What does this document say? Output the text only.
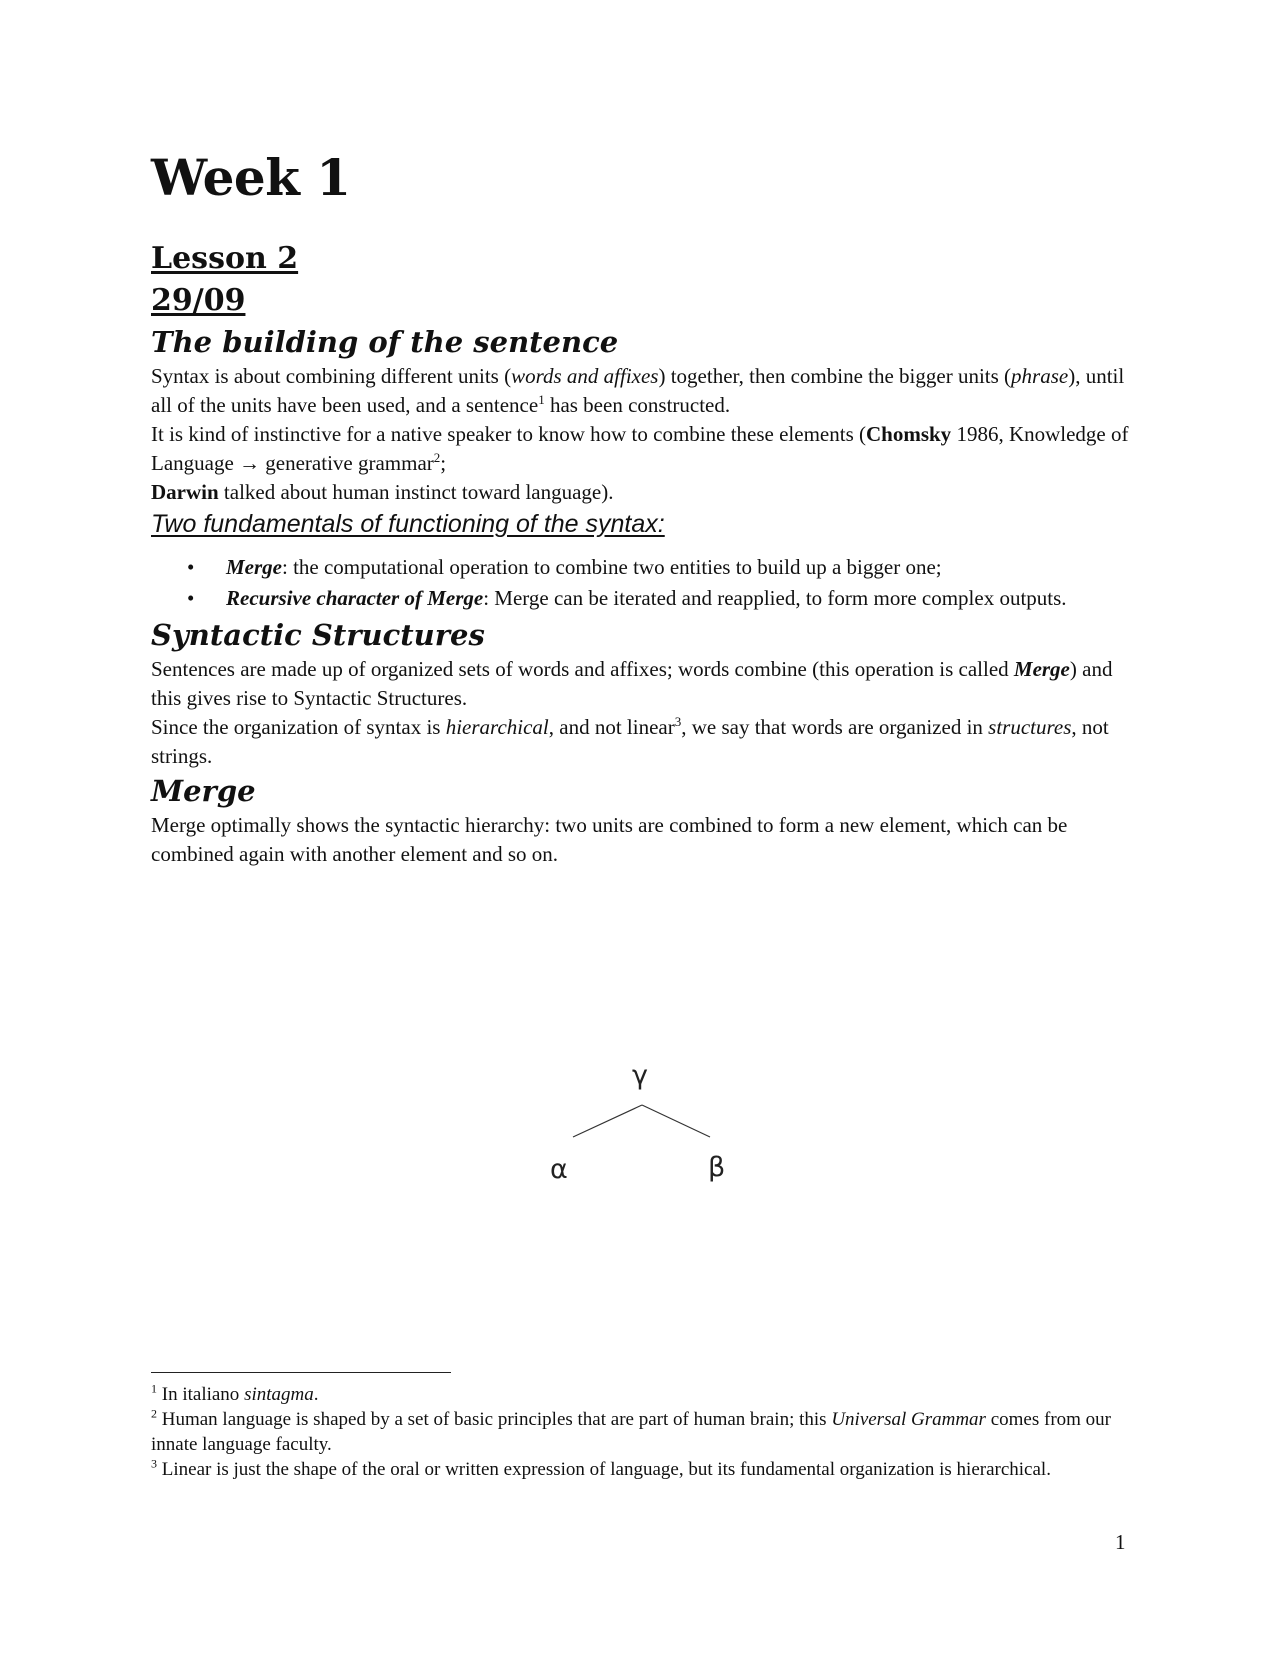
Week 1
Lesson 2
29/09
The building of the sentence

Syntax is about combining different units (words and affixes) together, then combine the bigger units (phrase), until all of the units have been used, and a sentence$^1$ has been constructed.

It is kind of instinctive for a native speaker to know how to combine these elements (Chomsky 1986, Knowledge of Language → generative grammar$^2$;
Darwin talked about human instinct toward language).

Two fundamentals of functioning of the syntax:
• Merge: the computational operation to combine two entities to build up a bigger one;
• Recursive character of Merge: Merge can be iterated and reapplied, to form more complex outputs.
Syntactic Structures

Sentences are made up of organized sets of words and affixes; words combine (this operation is called Merge) and this gives rise to Syntactic Structures.
Since the organization of syntax is hierarchical, and not linear$^3$, we say that words are organized in structures, not strings.

Merge

Merge optimally shows the syntactic hierarchy: two units are combined to form a new element, which can be combined again with another element and so on.

γ
α	β

$^1$ In italiano sintagma.

$^2$ Human language is shaped by a set of basic principles that are part of human brain; this Universal Grammar comes from our innate language faculty.

$^3$ Linear is just the shape of the oral or written expression of language, but its fundamental organization is hierarchical.

1
